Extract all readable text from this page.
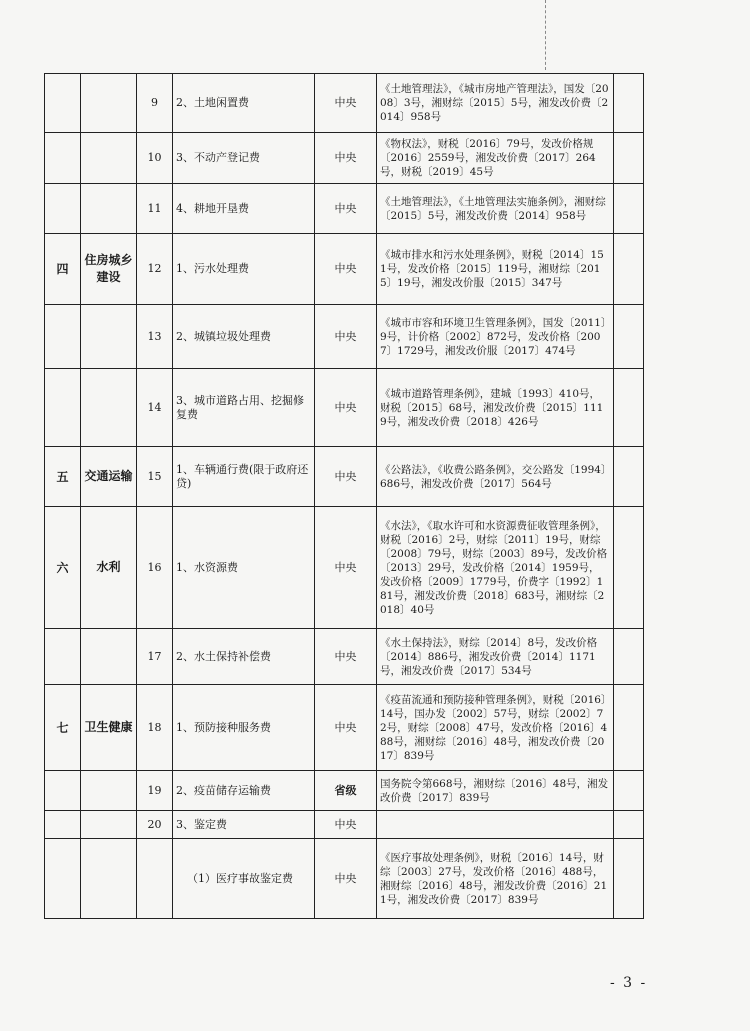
		9	2、土地闲置费	中央	《土地管理法》，《城市房地产管理法》，国发〔2008〕3号，湘财综〔2015〕5号，湘发改价费〔2014〕958号	
		10	3、不动产登记费	中央	《物权法》，财税〔2016〕79号，发改价格规〔2016〕2559号，湘发改价费〔2017〕264号，财税〔2019〕45号	
		11	4、耕地开垦费	中央	《土地管理法》，《土地管理法实施条例》，湘财综〔2015〕5号，湘发改价费〔2014〕958号	
四	住房城乡建设	12	1、污水处理费	中央	《城市排水和污水处理条例》，财税〔2014〕151号，发改价格〔2015〕119号，湘财综〔2015〕19号，湘发改价服〔2015〕347号	
		13	2、城镇垃圾处理费	中央	《城市市容和环境卫生管理条例》，国发〔2011〕9号，计价格〔2002〕872号，发改价格〔2007〕1729号，湘发改价服〔2017〕474号	
		14	3、城市道路占用、挖掘修复费	中央	《城市道路管理条例》，建城〔1993〕410号，财税〔2015〕68号，湘发改价费〔2015〕1119号，湘发改价费〔2018〕426号	
五	交通运输	15	1、车辆通行费(限于政府还贷)	中央	《公路法》，《收费公路条例》，交公路发〔1994〕686号，湘发改价费〔2017〕564号	
六	水利	16	1、水资源费	中央	《水法》，《取水许可和水资源费征收管理条例》，财税〔2016〕2号，财综〔2011〕19号，财综〔2008〕79号，财综〔2003〕89号，发改价格〔2013〕29号，发改价格〔2014〕1959号，发改价格〔2009〕1779号，价费字〔1992〕181号，湘发改价费〔2018〕683号，湘财综〔2018〕40号	
		17	2、水土保持补偿费	中央	《水土保持法》，财综〔2014〕8号，发改价格〔2014〕886号，湘发改价费〔2014〕1171号，湘发改价费〔2017〕534号	
七	卫生健康	18	1、预防接种服务费	中央	《疫苗流通和预防接种管理条例》，财税〔2016〕14号，国办发〔2002〕57号，财综〔2002〕72号，财综〔2008〕47号，发改价格〔2016〕488号，湘财综〔2016〕48号，湘发改价费〔2017〕839号	
		19	2、疫苗储存运输费	省级	国务院令第668号，湘财综〔2016〕48号，湘发改价费〔2017〕839号	
		20	3、鉴定费	中央		
			（1）医疗事故鉴定费	中央	《医疗事故处理条例》，财税〔2016〕14号，财综〔2003〕27号，发改价格〔2016〕488号，湘财综〔2016〕48号，湘发改价费〔2016〕211号，湘发改价费〔2017〕839号	
- 3 -
